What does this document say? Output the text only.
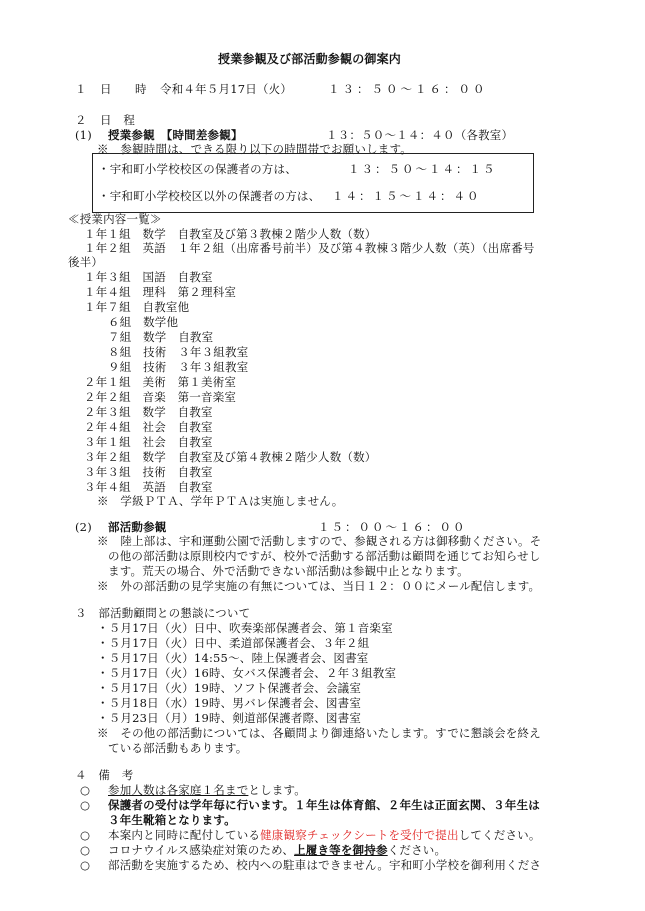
授業参観及び部活動参観の御案内
１ 日　時 令和４年５月17日（火）	１３：５０～１６：００
２ 日　程
(1) 授業参観　【時間差参観】	１３：５０～１４：４０（各教室）
※　参観時間は、できる限り以下の時間帯でお願いします。
・宇和町小学校校区の保護者の方は、	１３：５０～１４：１５
・宇和町小学校校区以外の保護者の方は、 １４：１５～１４：４０
≪授業内容一覧≫
１年１組　数学　自教室及び第３教棟２階少人数（数）
１年２組　英語　１年２組（出席番号前半）及び第４教棟３階少人数（英）（出席番号
後半）
１年３組　国語　自教室
１年４組　理科　第２理科室
１年７組　自教室他
６組　数学他
７組　数学　自教室
８組　技術　３年３組教室
９組　技術　３年３組教室
２年１組　美術　第１美術室
２年２組　音楽　第一音楽室
２年３組　数学　自教室
２年４組　社会　自教室
３年１組　社会　自教室
３年２組　数学　自教室及び第４教棟２階少人数（数）
３年３組　技術　自教室
３年４組　英語　自教室
※　学級ＰＴＡ、学年ＰＴＡは実施しません。
(2) 部活動参観	１５：００～１６：００
※　陸上部は、宇和運動公園で活動しますので、参観される方は御移動ください。そ
の他の部活動は原則校内ですが、校外で活動する部活動は顧問を通じてお知らせし
ます。荒天の場合、外で活動できない部活動は参観中止となります。
※　外の部活動の見学実施の有無については、当日１２：００にメール配信します。
３　部活動顧問との懇談について
・５月17日（火）日中、吹奏楽部保護者会、第１音楽室
・５月17日（火）日中、柔道部保護者会、３年２組
・５月17日（火）14:55～、陸上保護者会、図書室
・５月17日（火）16時、女バス保護者会、２年３組教室
・５月17日（火）19時、ソフト保護者会、会議室
・５月18日（水）19時、男バレ保護者会、図書室
・５月23日（月）19時、剣道部保護者際、図書室
※　その他の部活動については、各顧問より御連絡いたします。すでに懇談会を終え
ている部活動もあります。
４　備　考
○ 参加人数は各家庭１名までとします。
○ 保護者の受付は学年毎に行います。１年生は体育館、２年生は正面玄関、３年生は
３年生靴箱となります。
○ 本案内と同時に配付している健康観察チェックシートを受付で提出してください。
○ コロナウイルス感染症対策のため、上履き等を御持参ください。
○ 部活動を実施するため、校内への駐車はできません。宇和町小学校を御利用くださ
